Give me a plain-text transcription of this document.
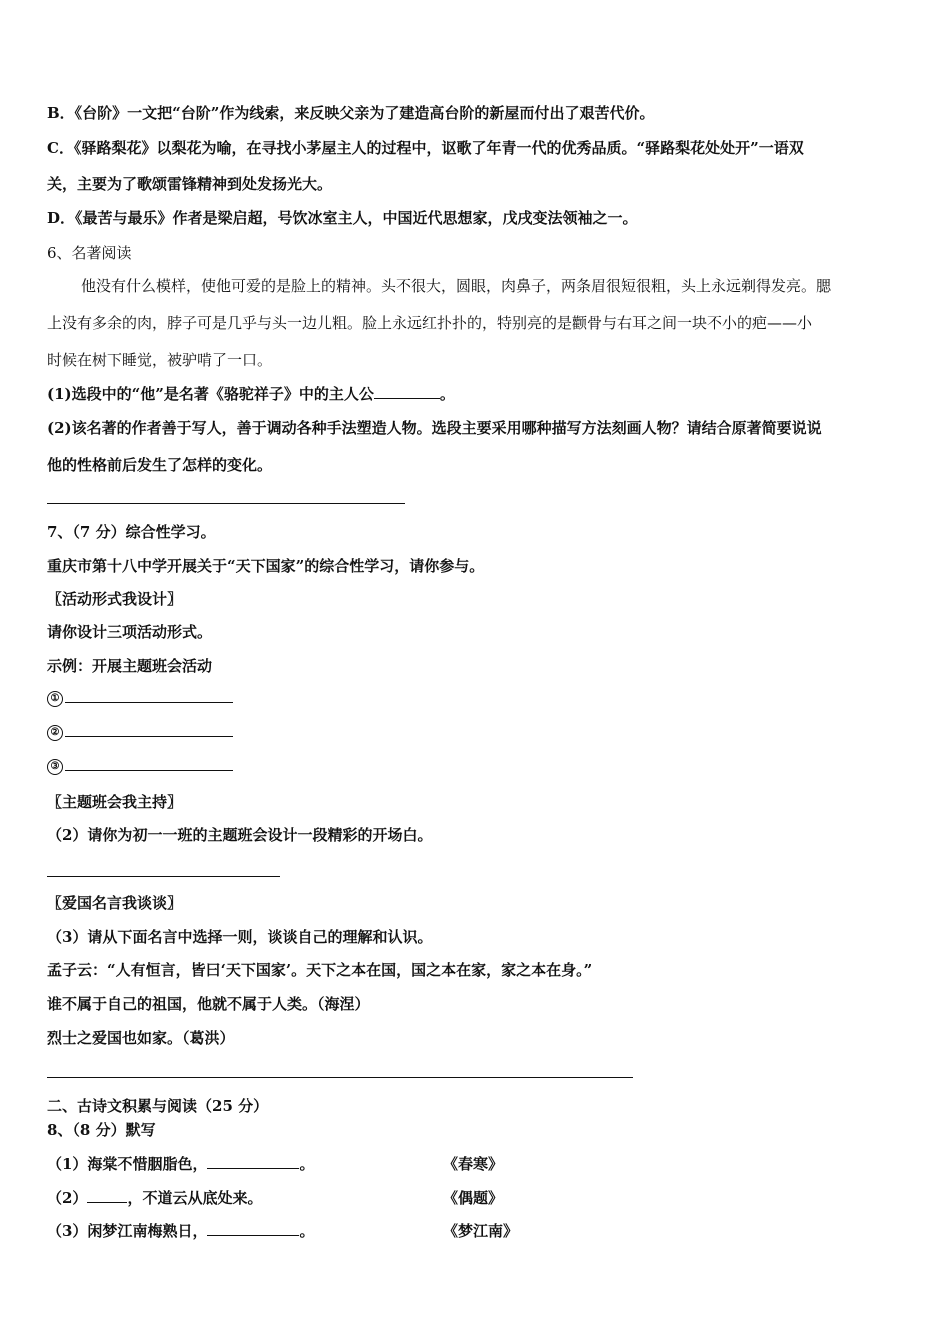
B．《台阶》一文把“台阶”作为线索，来反映父亲为了建造高台阶的新屋而付出了艰苦代价。
C．《驿路梨花》以梨花为喻，在寻找小茅屋主人的过程中，讴歌了年青一代的优秀品质。“驿路梨花处处开”一语双
关，主要为了歌颂雷锋精神到处发扬光大。
D．《最苦与最乐》作者是梁启超，号饮冰室主人，中国近代思想家，戊戌变法领袖之一。
6、名著阅读
他没有什么模样，使他可爱的是脸上的精神。头不很大，圆眼，肉鼻子，两条眉很短很粗，头上永远剃得发亮。腮
上没有多余的肉，脖子可是几乎与头一边儿粗。脸上永远红扑扑的，特别亮的是颧骨与右耳之间一块不小的疤——小
时候在树下睡觉，被驴啃了一口。
(1)选段中的“他”是名著《骆驼祥子》中的主人公	。
(2)该名著的作者善于写人，善于调动各种手法塑造人物。选段主要采用哪种描写方法刻画人物？请结合原著简要说说
他的性格前后发生了怎样的变化。
7、（7 分）综合性学习。
重庆市第十八中学开展关于“天下国家”的综合性学习，请你参与。
〖活动形式我设计〗
请你设计三项活动形式。
示例：开展主题班会活动
①
②
③
〖主题班会我主持〗
（2）请你为初一一班的主题班会设计一段精彩的开场白。
〖爱国名言我谈谈〗
（3）请从下面名言中选择一则，谈谈自己的理解和认识。
孟子云：“人有恒言，皆曰‘天下国家’。天下之本在国，国之本在家，家之本在身。”
谁不属于自己的祖国，他就不属于人类。（海涅）
烈士之爱国也如家。（葛洪）
二、古诗文积累与阅读（25 分）
8、（8 分）默写
（1）海棠不惜胭脂色，	。	《春寒》
（2）	，不道云从底处来。	《偶题》
（3）闲梦江南梅熟日，	。	《梦江南》
